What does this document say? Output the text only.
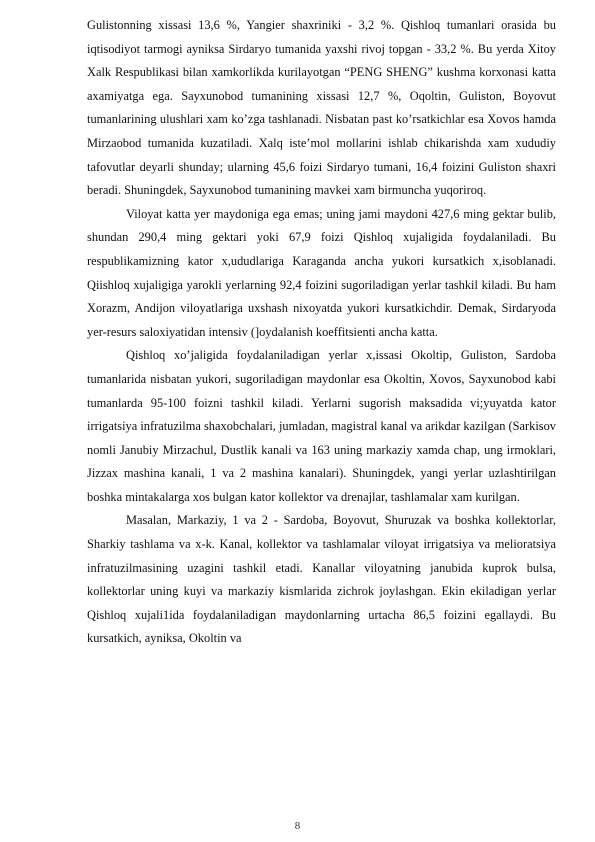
Gulistonning xissasi 13,6 %, Yangier shaxriniki - 3,2 %. Qishloq tumanlari orasida bu iqtisodiyot tarmogi ayniksa Sirdaryo tumanida yaxshi rivoj topgan - 33,2 %. Bu yerda Xitoy Xalk Respublikasi bilan xamkorlikda kurilayotgan “PENG SHENG” kushma korxonasi katta axamiyatga ega. Sayxunobod tumanining xissasi 12,7 %, Oqoltin, Guliston, Boyovut tumanlarining ulushlari xam ko’zga tashlanadi. Nisbatan past ko’rsatkichlar esa Xovos hamda Mirzaobod tumanida kuzatiladi. Xalq iste’mol mollarini ishlab chikarishda xam xududiy tafovutlar deyarli shunday; ularning 45,6 foizi Sirdaryo tumani, 16,4 foizini Guliston shaxri beradi. Shuningdek, Sayxunobod tumanining mavkei xam birmuncha yuqoriroq.

Viloyat katta yer maydoniga ega emas; uning jami maydoni 427,6 ming gektar bulib, shundan 290,4 ming gektari yoki 67,9 foizi Qishloq xujaligida foydalaniladi. Bu respublikamizning kator x,ududlariga Karaganda ancha yukori kursatkich x,isoblanadi. Qiishloq xujaligiga yarokli yerlarning 92,4 foizini sugoriladigan yerlar tashkil kiladi. Bu ham Xorazm, Andijon viloyatlariga uxshash nixoyatda yukori kursatkichdir. Demak, Sirdaryoda yer-resurs saloxiyatidan intensiv (]oydalanish koeffitsienti ancha katta.

Qishloq xo’jaligida foydalaniladigan yerlar x,issasi Okoltip, Guliston, Sardoba tumanlarida nisbatan yukori, sugoriladigan maydonlar esa Okoltin, Xovos, Sayxunobod kabi tumanlarda 95-100 foizni tashkil kiladi. Yerlarni sugorish maksadida vi;yuyatda kator irrigatsiya infratuzilma shaxobchalari, jumladan, magistral kanal va arikdar kazilgan (Sarkisov nomli Janubiy Mirzachul, Dustlik kanali va 163 uning markaziy xamda chap, ung irmoklari, Jizzax mashina kanali, 1 va 2 mashina kanalari). Shuningdek, yangi yerlar uzlashtirilgan boshka mintakalarga xos bulgan kator kollektor va drenajlar, tashlamalar xam kurilgan.

Masalan, Markaziy, 1 va 2 - Sardoba, Boyovut, Shuruzak va boshka kollektorlar, Sharkiy tashlama va x-k. Kanal, kollektor va tashlamalar viloyat irrigatsiya va melioratsiya infratuzilmasining uzagini tashkil etadi. Kanallar viloyatning janubida kuprok bulsa, kollektorlar uning kuyi va markaziy kismlarida zichrok joylashgan. Ekin ekiladigan yerlar Qishloq xujali1ida foydalaniladigan maydonlarning urtacha 86,5 foizini egallaydi. Bu kursatkich, ayniksa, Okoltin va

8
